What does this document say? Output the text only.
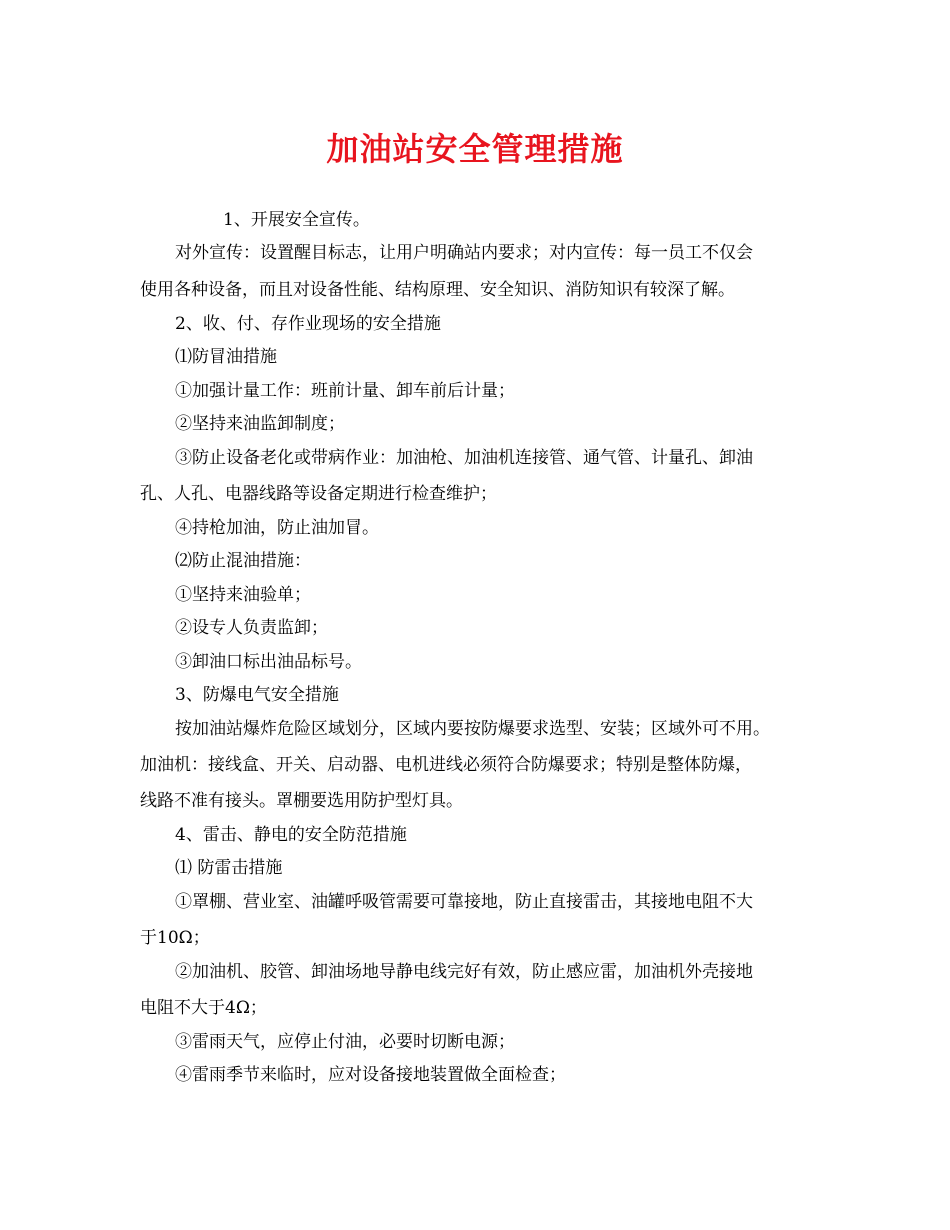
加油站安全管理措施
1、开展安全宣传。
对外宣传：设置醒目标志，让用户明确站内要求；对内宣传：每一员工不仅会
使用各种设备，而且对设备性能、结构原理、安全知识、消防知识有较深了解。
2、收、付、存作业现场的安全措施
⑴防冒油措施
①加强计量工作：班前计量、卸车前后计量；
②坚持来油监卸制度；
③防止设备老化或带病作业：加油枪、加油机连接管、通气管、计量孔、卸油
孔、人孔、电器线路等设备定期进行检查维护；
④持枪加油，防止油加冒。
⑵防止混油措施：
①坚持来油验单；
②设专人负责监卸；
③卸油口标出油品标号。
3、防爆电气安全措施
按加油站爆炸危险区域划分，区域内要按防爆要求选型、安装；区域外可不用。
加油机：接线盒、开关、启动器、电机进线必须符合防爆要求；特别是整体防爆，
线路不准有接头。罩棚要选用防护型灯具。
4、雷击、静电的安全防范措施
⑴ 防雷击措施
①罩棚、营业室、油罐呼吸管需要可靠接地，防止直接雷击，其接地电阻不大
于10Ω；
②加油机、胶管、卸油场地导静电线完好有效，防止感应雷，加油机外壳接地
电阻不大于4Ω；
③雷雨天气，应停止付油，必要时切断电源；
④雷雨季节来临时，应对设备接地装置做全面检查；
